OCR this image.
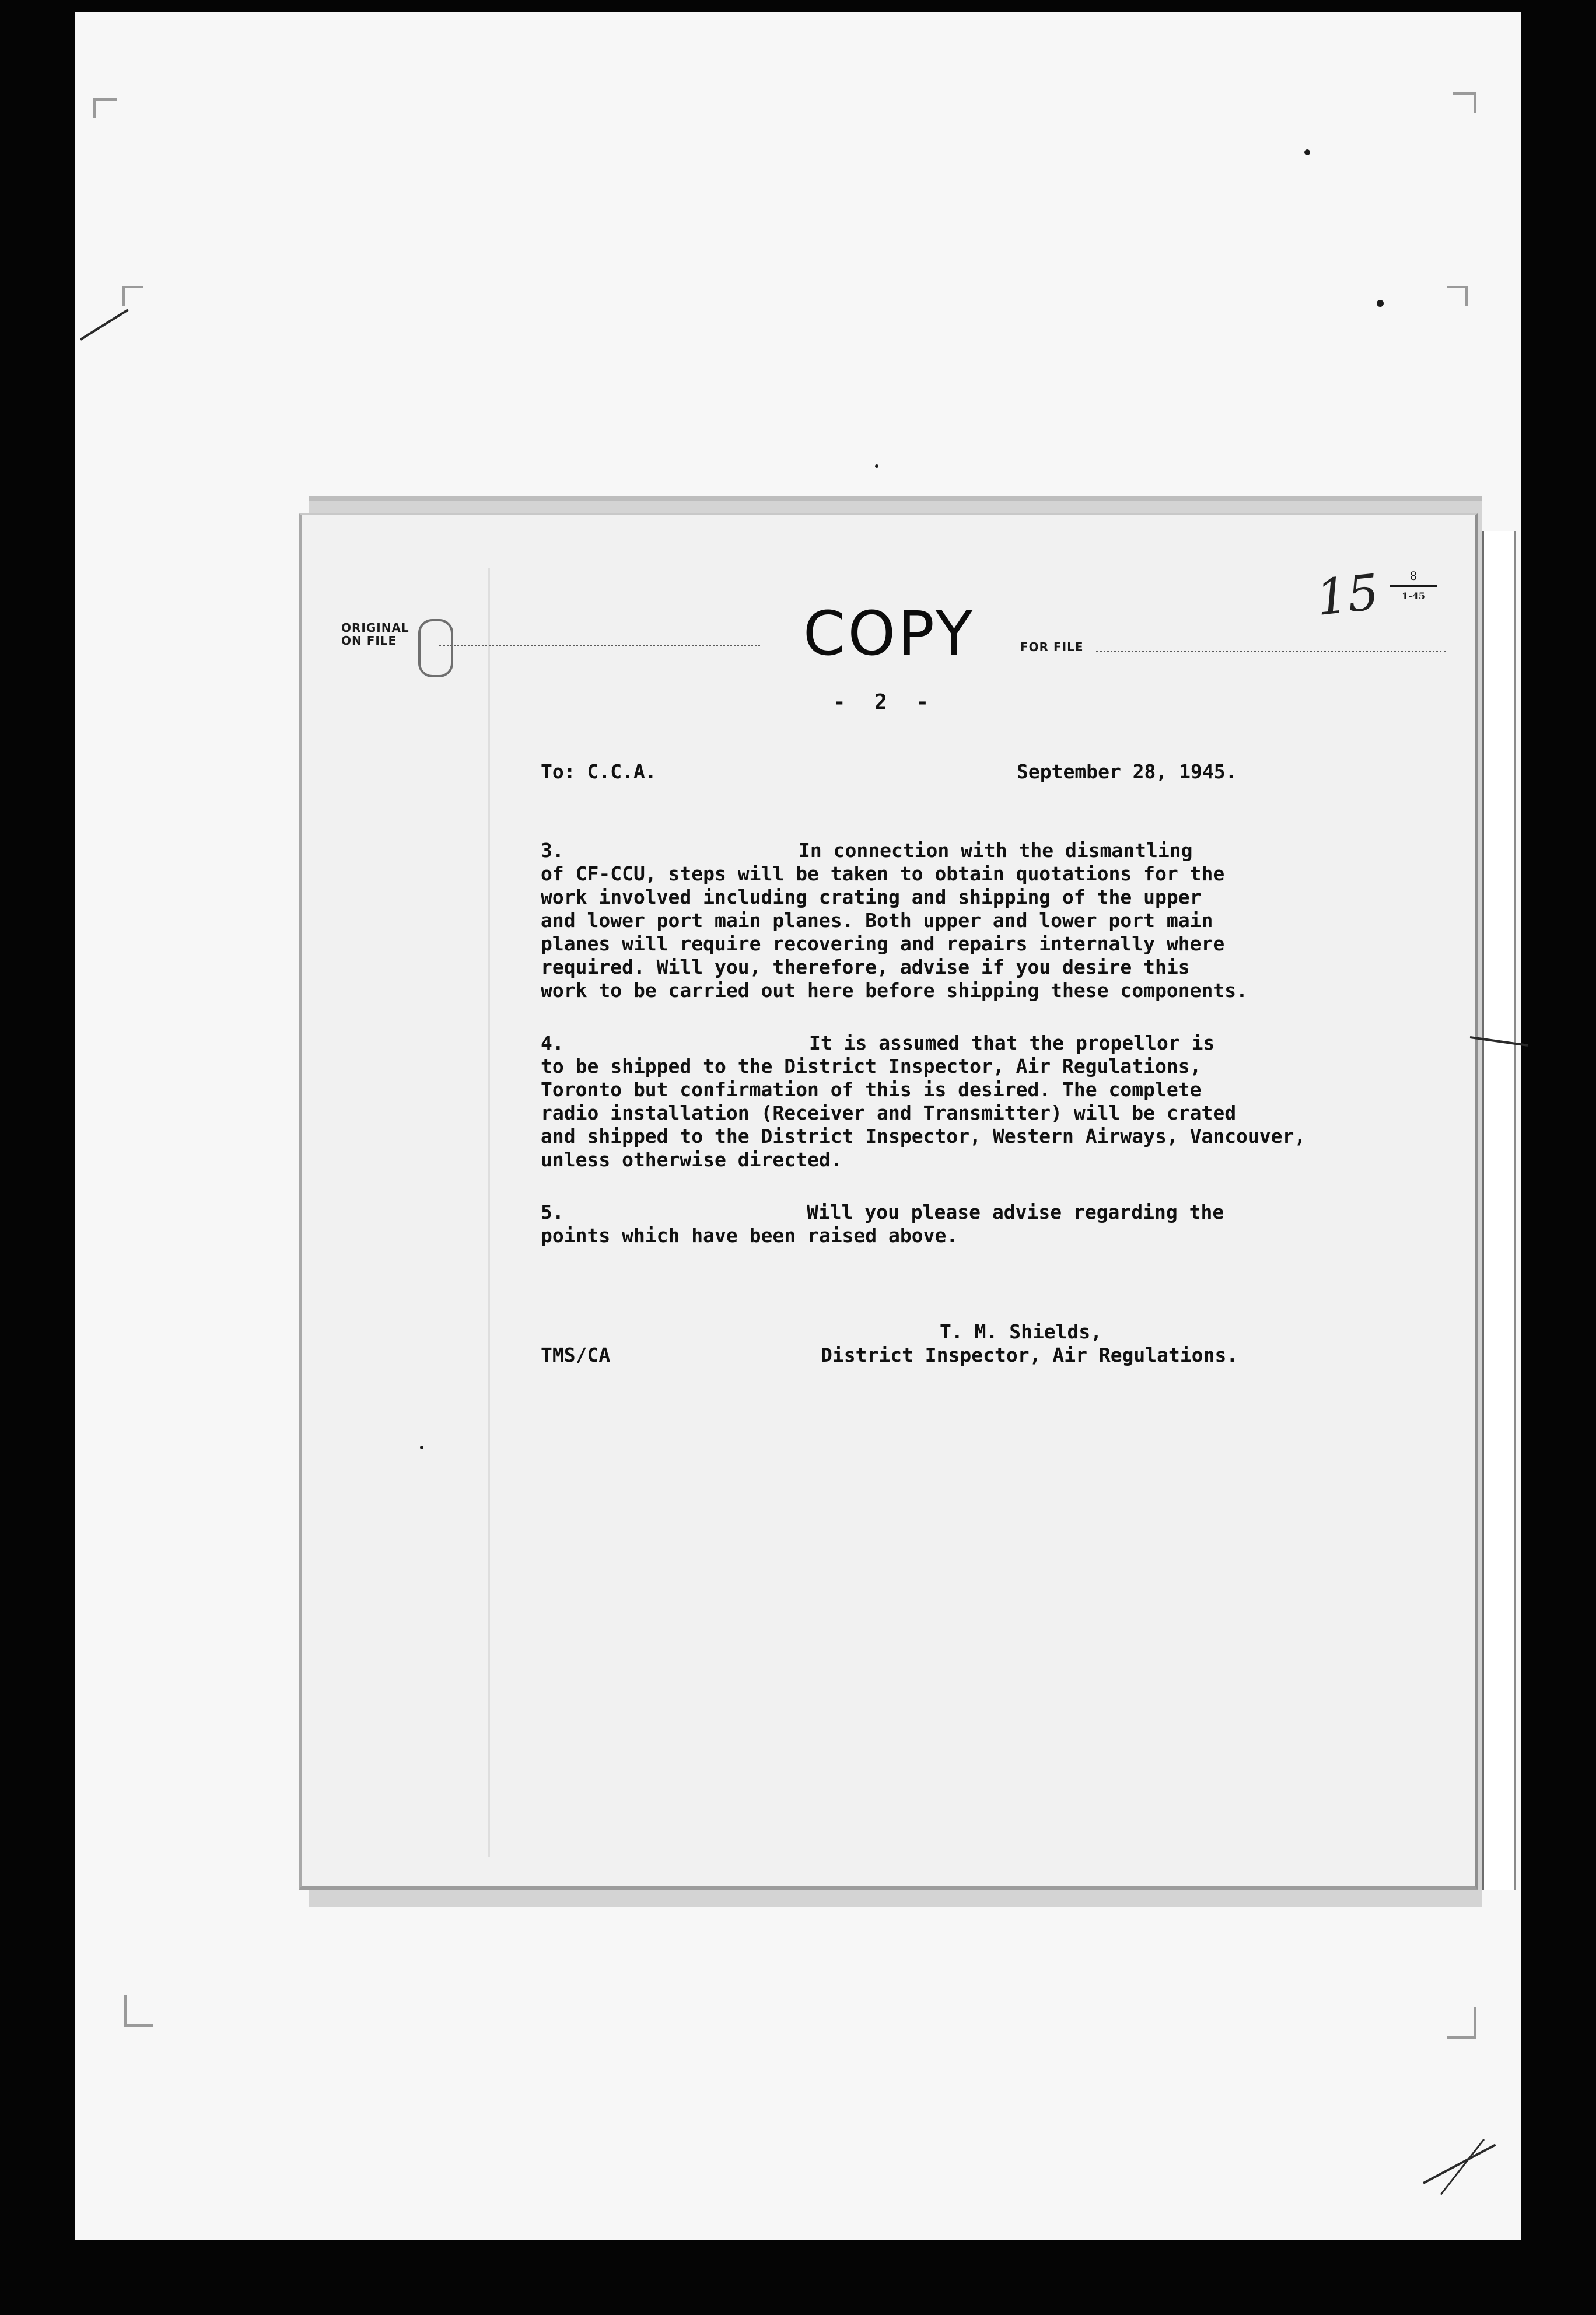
ORIGINAL
ON FILE	COPY	FOR FILE
15	8
1-45
- 2 -
To: C.C.A.	September 28, 1945.
3.	In connection with the dismantling
of CF-CCU, steps will be taken to obtain quotations for the
work involved including crating and shipping of the upper
and lower port main planes. Both upper and lower port main
planes will require recovering and repairs internally where
required. Will you, therefore, advise if you desire this
work to be carried out here before shipping these components.
4.	It is assumed that the propellor is
to be shipped to the District Inspector, Air Regulations,
Toronto but confirmation of this is desired. The complete
radio installation (Receiver and Transmitter) will be crated
and shipped to the District Inspector, Western Airways, Vancouver,
unless otherwise directed.
5.	Will you please advise regarding the
points which have been raised above.
T. M. Shields,
TMS/CA	District Inspector, Air Regulations.
